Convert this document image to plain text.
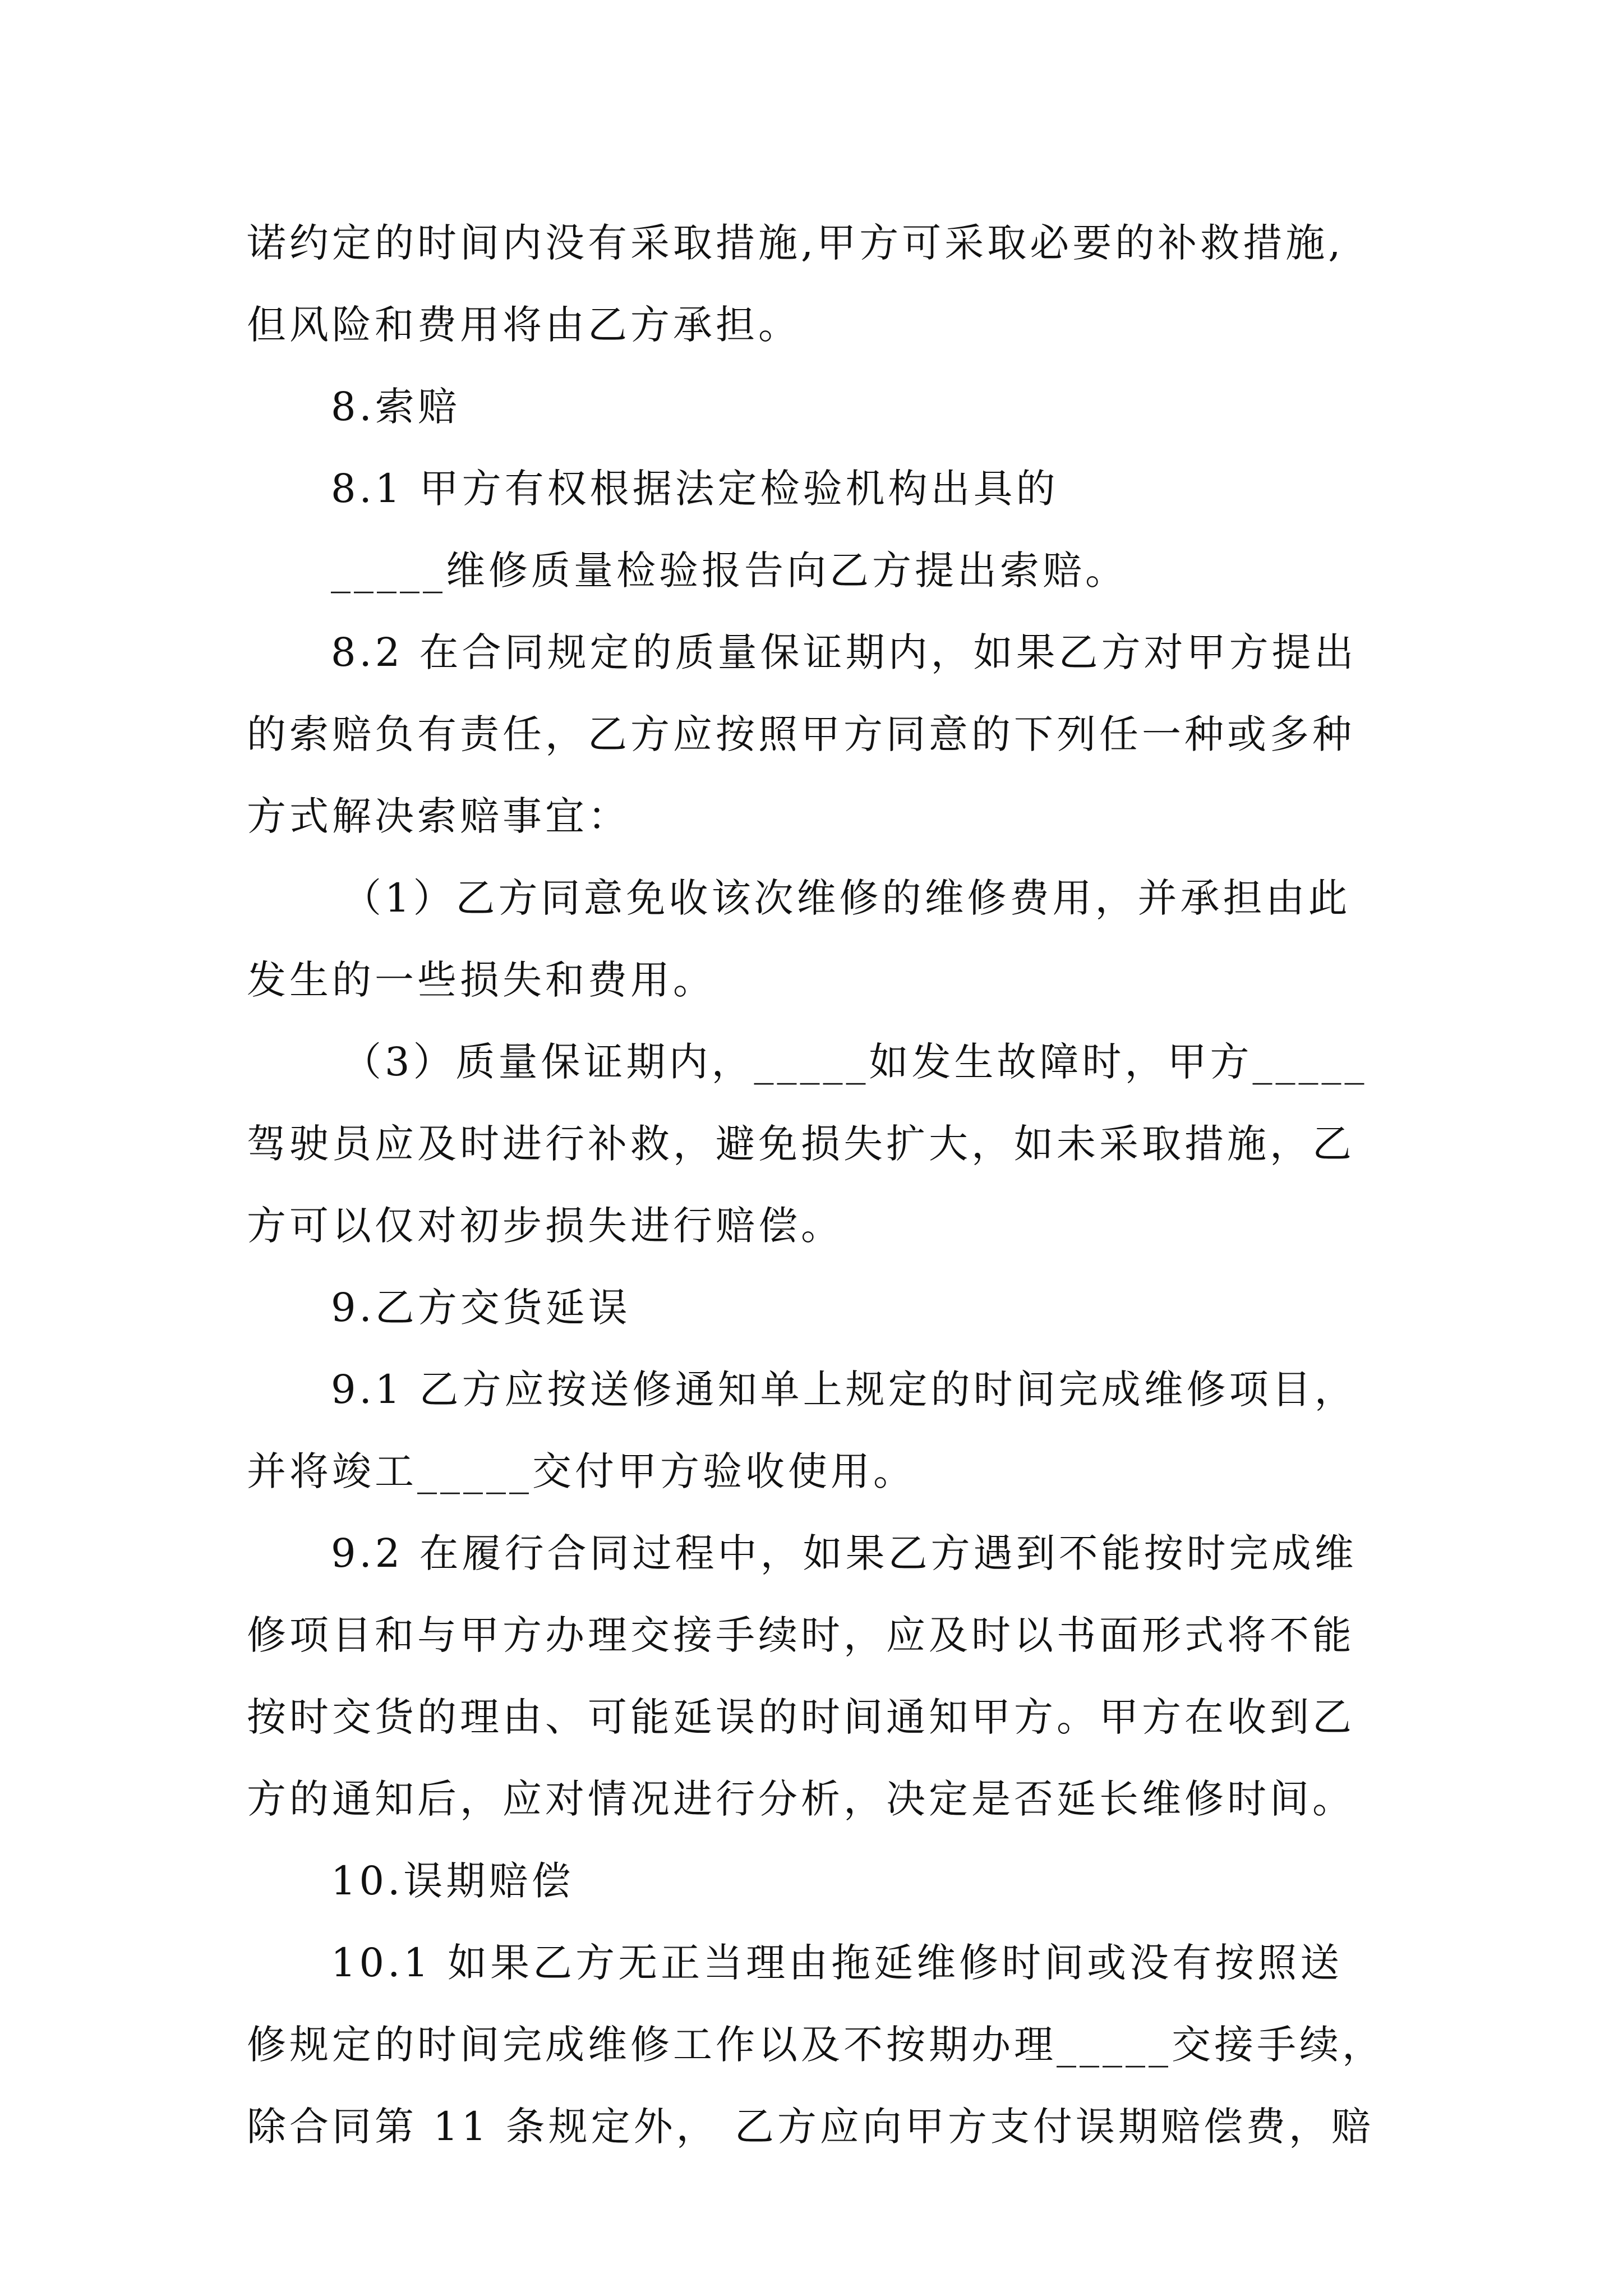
诺约定的时间内没有采取措施,甲方可采取必要的补救措施,
但风险和费用将由乙方承担。
8.索赔
8.1 甲方有权根据法定检验机构出具的
_____维修质量检验报告向乙方提出索赔。
8.2 在合同规定的质量保证期内，如果乙方对甲方提出
的索赔负有责任，乙方应按照甲方同意的下列任一种或多种
方式解决索赔事宜：
（1）乙方同意免收该次维修的维修费用，并承担由此
发生的一些损失和费用。
（3）质量保证期内，_____如发生故障时，甲方_____
驾驶员应及时进行补救，避免损失扩大，如未采取措施，乙
方可以仅对初步损失进行赔偿。
9.乙方交货延误
9.1 乙方应按送修通知单上规定的时间完成维修项目，
并将竣工_____交付甲方验收使用。
9.2 在履行合同过程中，如果乙方遇到不能按时完成维
修项目和与甲方办理交接手续时，应及时以书面形式将不能
按时交货的理由、可能延误的时间通知甲方。甲方在收到乙
方的通知后，应对情况进行分析，决定是否延长维修时间。
10.误期赔偿
10.1 如果乙方无正当理由拖延维修时间或没有按照送
修规定的时间完成维修工作以及不按期办理_____交接手续，
除合同第 11 条规定外， 乙方应向甲方支付误期赔偿费，赔
